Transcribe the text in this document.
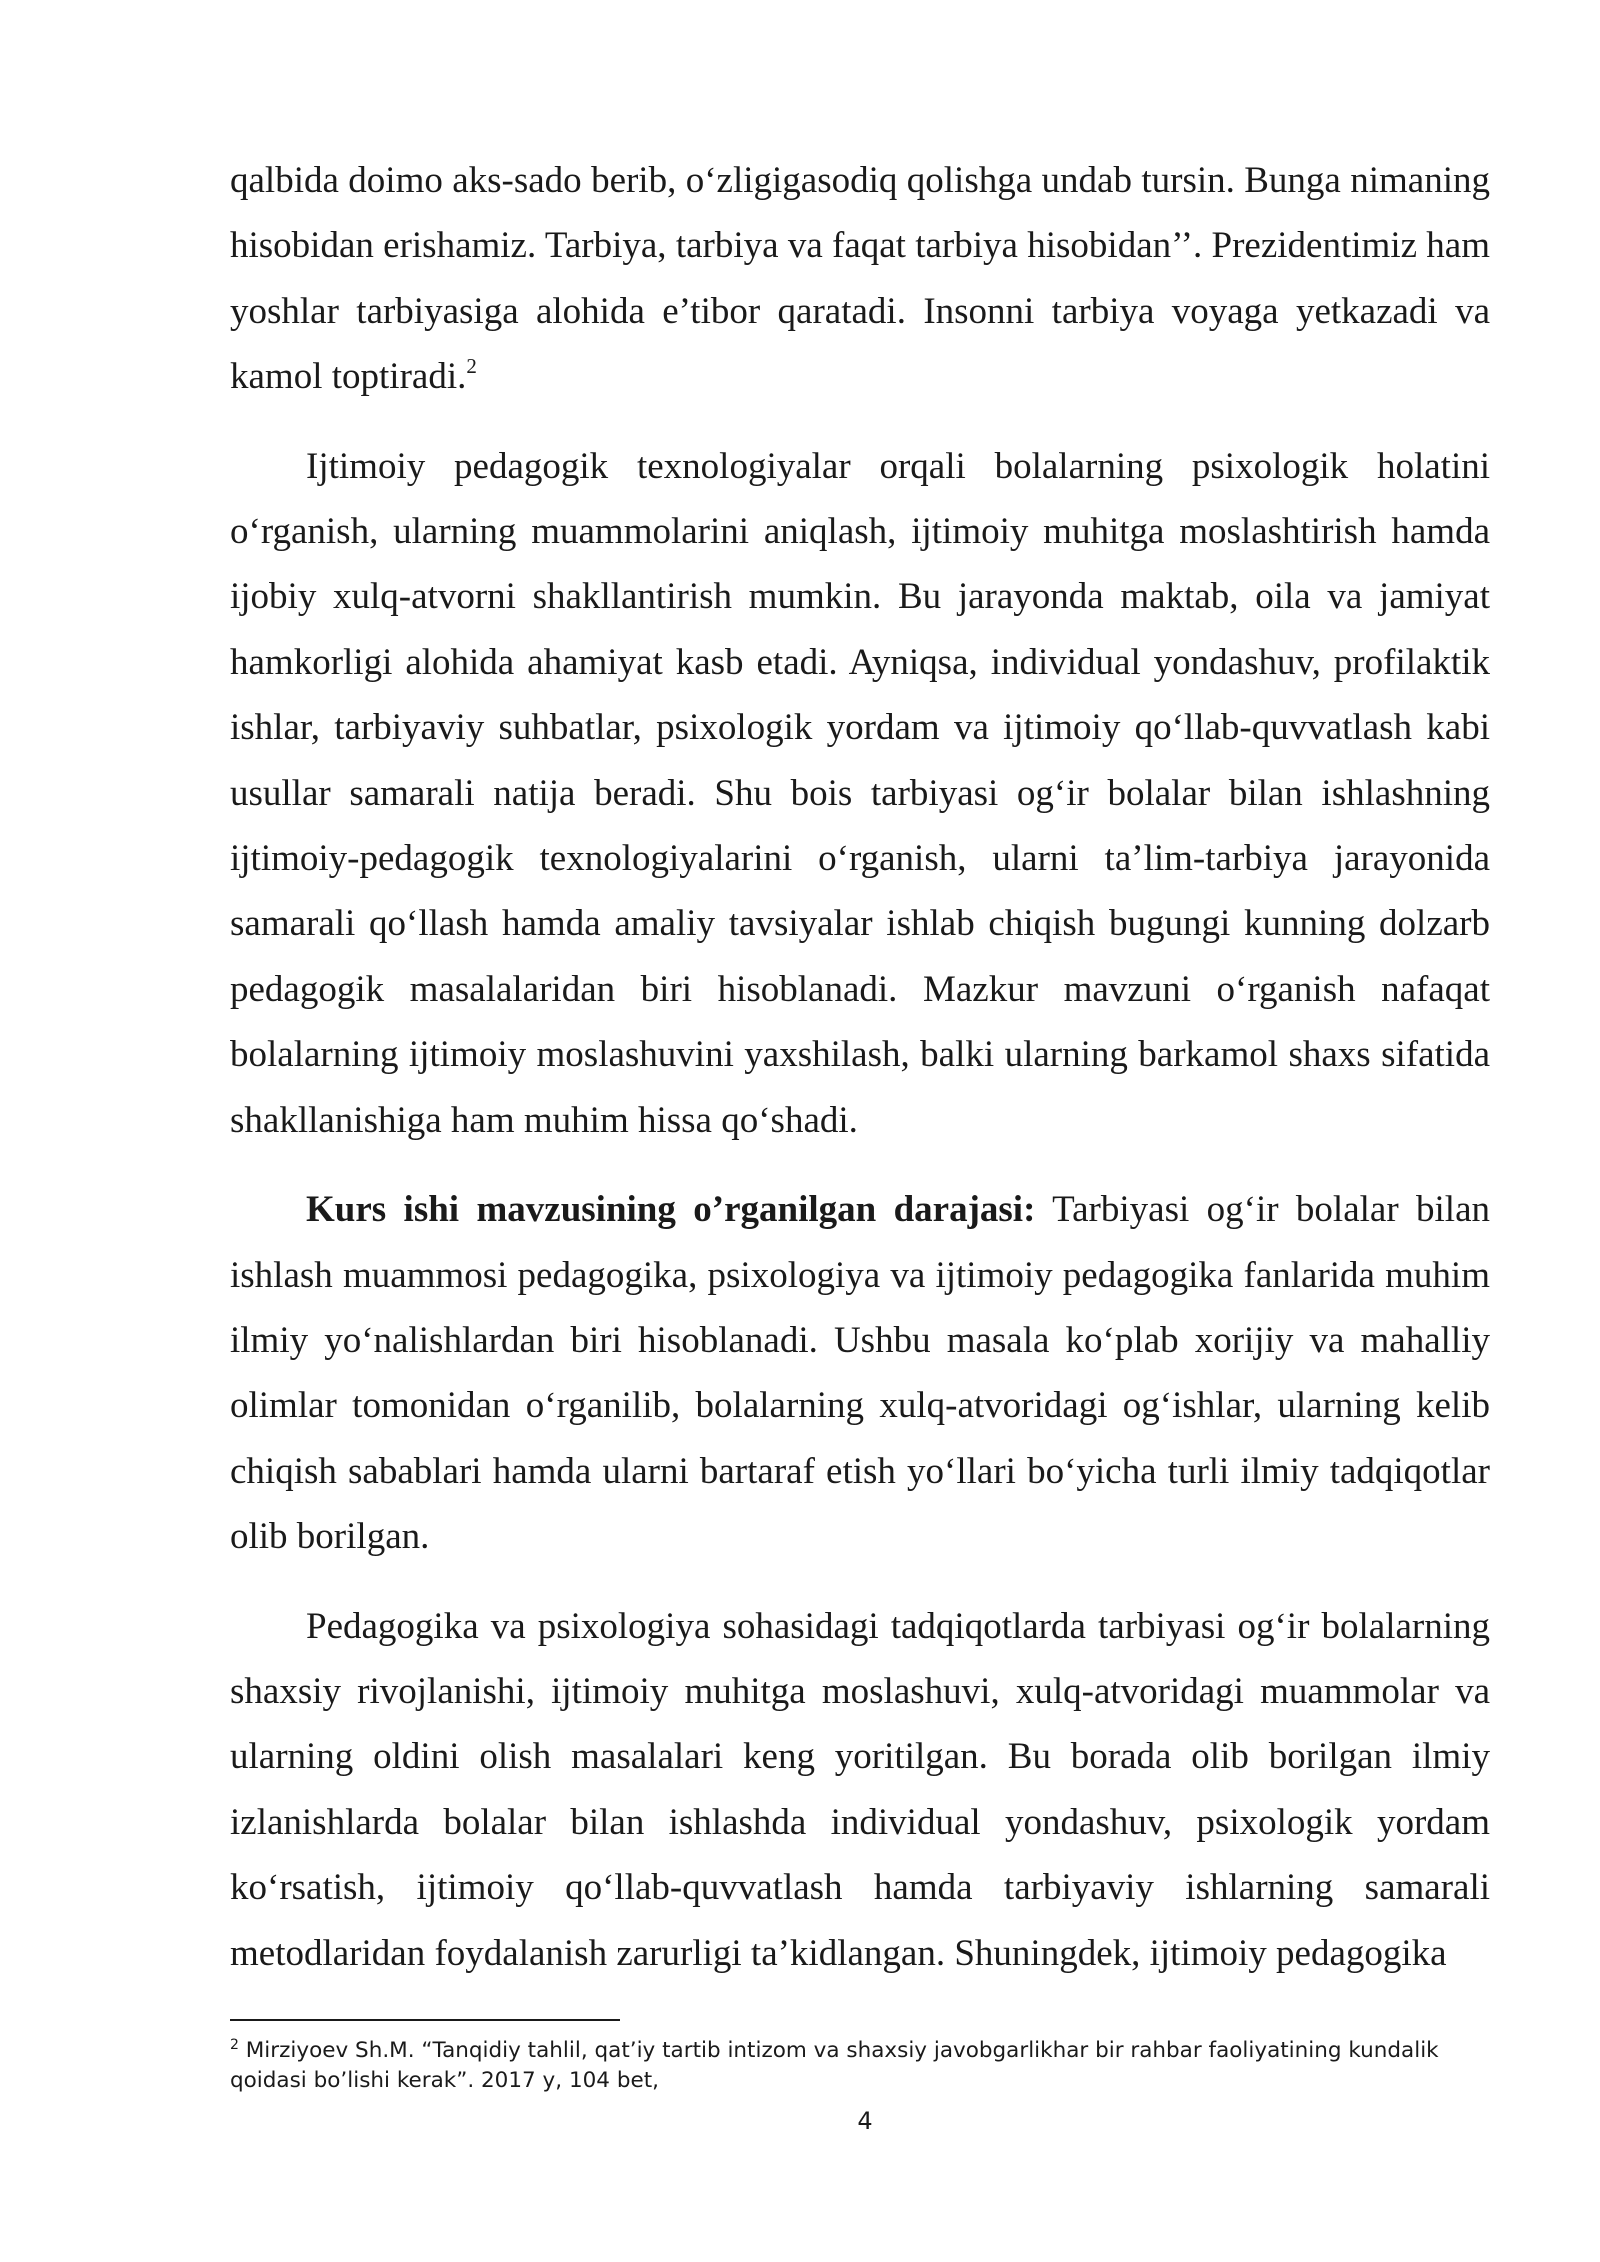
qalbida doimo aks-sado berib, o‘zligigasodiq qolishga undab tursin. Bunga nimaning hisobidan erishamiz. Tarbiya, tarbiya va faqat tarbiya hisobidan’’. Prezidentimiz ham yoshlar tarbiyasiga alohida e’tibor qaratadi. Insonni tarbiya voyaga yetkazadi va kamol toptiradi.$^2$

Ijtimoiy pedagogik texnologiyalar orqali bolalarning psixologik holatini o‘rganish, ularning muammolarini aniqlash, ijtimoiy muhitga moslashtirish hamda ijobiy xulq-atvorni shakllantirish mumkin. Bu jarayonda maktab, oila va jamiyat hamkorligi alohida ahamiyat kasb etadi. Ayniqsa, individual yondashuv, profilaktik ishlar, tarbiyaviy suhbatlar, psixologik yordam va ijtimoiy qo‘llab-quvvatlash kabi usullar samarali natija beradi. Shu bois tarbiyasi og‘ir bolalar bilan ishlashning ijtimoiy-pedagogik texnologiyalarini o‘rganish, ularni ta’lim-tarbiya jarayonida samarali qo‘llash hamda amaliy tavsiyalar ishlab chiqish bugungi kunning dolzarb pedagogik masalalaridan biri hisoblanadi. Mazkur mavzuni o‘rganish nafaqat bolalarning ijtimoiy moslashuvini yaxshilash, balki ularning barkamol shaxs sifatida shakllanishiga ham muhim hissa qo‘shadi.

Kurs ishi mavzusining o’rganilgan darajasi: Tarbiyasi og‘ir bolalar bilan ishlash muammosi pedagogika, psixologiya va ijtimoiy pedagogika fanlarida muhim ilmiy yo‘nalishlardan biri hisoblanadi. Ushbu masala ko‘plab xorijiy va mahalliy olimlar tomonidan o‘rganilib, bolalarning xulq-atvoridagi og‘ishlar, ularning kelib chiqish sabablari hamda ularni bartaraf etish yo‘llari bo‘yicha turli ilmiy tadqiqotlar olib borilgan.

Pedagogika va psixologiya sohasidagi tadqiqotlarda tarbiyasi og‘ir bolalarning shaxsiy rivojlanishi, ijtimoiy muhitga moslashuvi, xulq-atvoridagi muammolar va ularning oldini olish masalalari keng yoritilgan. Bu borada olib borilgan ilmiy izlanishlarda bolalar bilan ishlashda individual yondashuv, psixologik yordam ko‘rsatish, ijtimoiy qo‘llab-quvvatlash hamda tarbiyaviy ishlarning samarali metodlaridan foydalanish zarurligi ta’kidlangan. Shuningdek, ijtimoiy pedagogika

$^2$ Mirziyoev Sh.M. “Tanqidiy tahlil, qat’iy tartib intizom va shaxsiy javobgarlikhar bir rahbar faoliyatining kundalik qoidasi bo’lishi kerak”. 2017 y, 104 bet,
4
